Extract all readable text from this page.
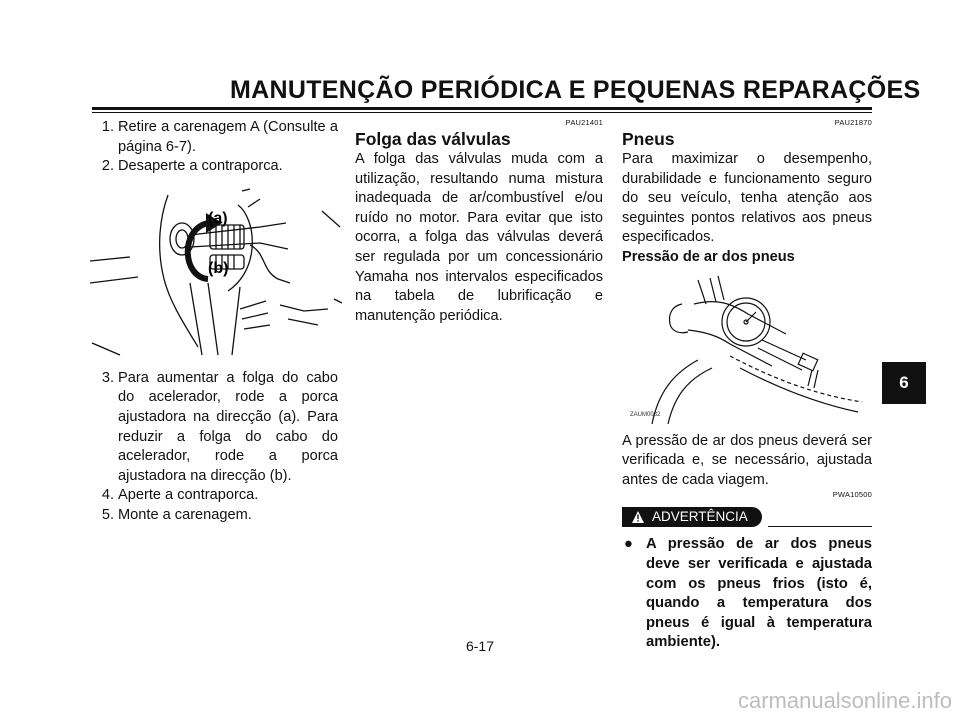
MANUTENÇÃO PERIÓDICA E PEQUENAS REPARAÇÕES
6
1. Retire a carenagem A (Consulte a página 6-7).
2. Desaperte a contraporca.
(a)
(b)
3. Para aumentar a folga do cabo do acelerador, rode a porca ajustadora na direcção (a). Para reduzir a folga do cabo do acelerador, rode a porca ajustadora na direcção (b).
4. Aperte a contraporca.
5. Monte a carenagem.
PAU21401
Folga das válvulas
A folga das válvulas muda com a utilização, resultando numa mistura inadequada de ar/combustível e/ou ruído no motor. Para evitar que isto ocorra, a folga das válvulas deverá ser regulada por um concessionário Yamaha nos intervalos especificados na tabela de lubrificação e manutenção periódica.
PAU21870
Pneus
Para maximizar o desempenho, durabilidade e funcionamento seguro do seu veículo, tenha atenção aos seguintes pontos relativos aos pneus especificados.
Pressão de ar dos pneus
ZAUM0082
A pressão de ar dos pneus deverá ser verificada e, se necessário, ajustada antes de cada viagem.
PWA10500
ADVERTÊNCIA
● A pressão de ar dos pneus deve ser verificada e ajustada com os pneus frios (isto é, quando a temperatura dos pneus é igual à temperatura ambiente).
6-17
carmanualsonline.info
